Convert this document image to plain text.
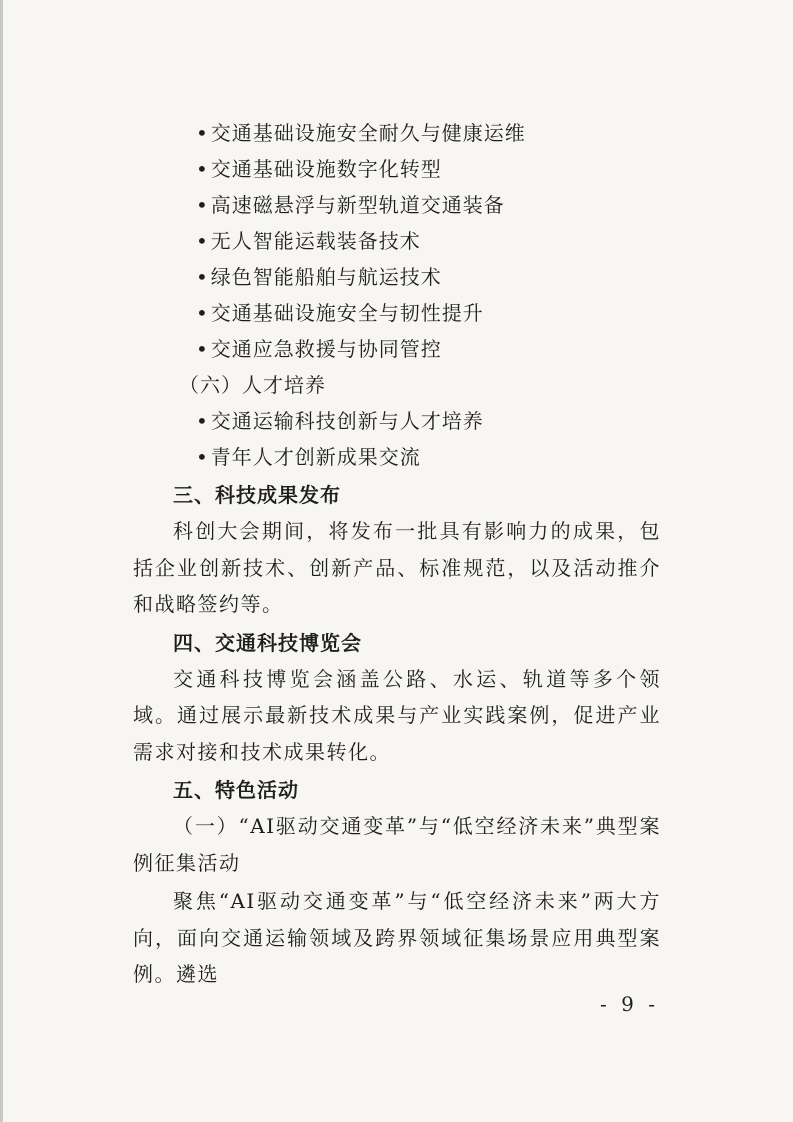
• 交通基础设施安全耐久与健康运维
• 交通基础设施数字化转型
• 高速磁悬浮与新型轨道交通装备
• 无人智能运载装备技术
• 绿色智能船舶与航运技术
• 交通基础设施安全与韧性提升
• 交通应急救援与协同管控
（六）人才培养
• 交通运输科技创新与人才培养
• 青年人才创新成果交流
三、科技成果发布
科创大会期间，将发布一批具有影响力的成果，包括企业创新技术、创新产品、标准规范，以及活动推介和战略签约等。
四、交通科技博览会
交通科技博览会涵盖公路、水运、轨道等多个领域。通过展示最新技术成果与产业实践案例，促进产业需求对接和技术成果转化。
五、特色活动
（一）“AI驱动交通变革”与“低空经济未来”典型案例征集活动
聚焦“AI驱动交通变革”与“低空经济未来”两大方向，面向交通运输领域及跨界领域征集场景应用典型案例。遴选
- 9 -
